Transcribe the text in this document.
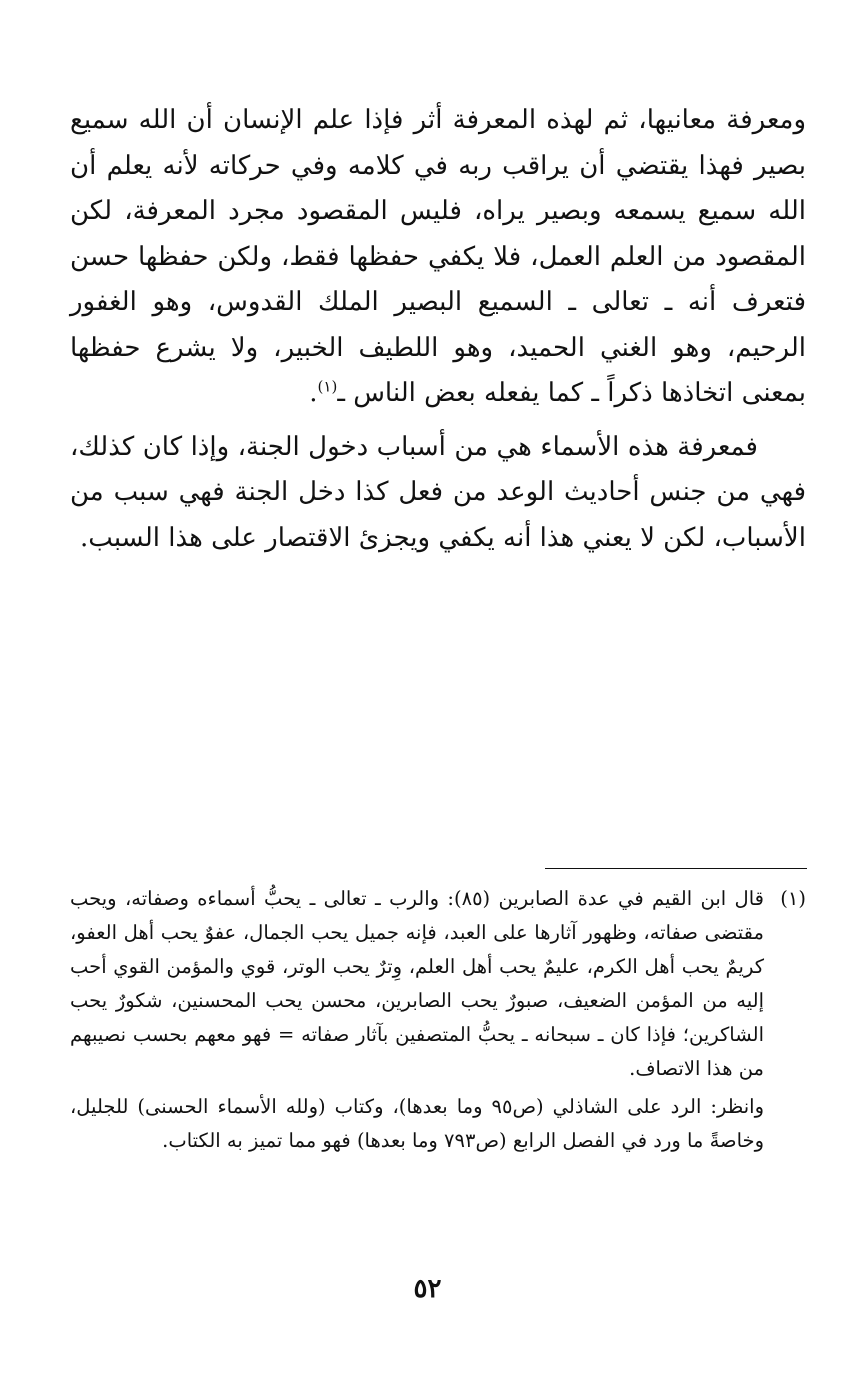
ومعرفة معانيها، ثم لهذه المعرفة أثر فإذا علم الإنسان أن الله سميع بصير فهذا يقتضي أن يراقب ربه في كلامه وفي حركاته لأنه يعلم أن الله سميع يسمعه وبصير يراه، فليس المقصود مجرد المعرفة، لكن المقصود من العلم العمل، فلا يكفي حفظها فقط، ولكن حفظها حسن فتعرف أنه ـ تعالى ـ السميع البصير الملك القدوس، وهو الغفور الرحيم، وهو الغني الحميد، وهو اللطيف الخبير، ولا يشرع حفظها بمعنى اتخاذها ذكراً ـ كما يفعله بعض الناس ـ$^{(١)}$.

فمعرفة هذه الأسماء هي من أسباب دخول الجنة، وإذا كان كذلك، فهي من جنس أحاديث الوعد من فعل كذا دخل الجنة فهي سبب من الأسباب، لكن لا يعني هذا أنه يكفي ويجزئ الاقتصار على هذا السبب.

(١)

قال ابن القيم في عدة الصابرين (٨٥): والرب ـ تعالى ـ يحبُّ أسماءه وصفاته، ويحب مقتضى صفاته، وظهور آثارها على العبد، فإنه جميل يحب الجمال، عفوٌ يحب أهل العفو، كريمٌ يحب أهل الكرم، عليمٌ يحب أهل العلم، وِترٌ يحب الوتر، قوي والمؤمن القوي أحب إليه من المؤمن الضعيف، صبورٌ يحب الصابرين، محسن يحب المحسنين، شكورٌ يحب الشاكرين؛ فإذا كان ـ سبحانه ـ يحبُّ المتصفين بآثار صفاته = فهو معهم بحسب نصيبهم من هذا الاتصاف.

وانظر: الرد على الشاذلي (ص٩٥ وما بعدها)، وكتاب (ولله الأسماء الحسنى) للجليل، وخاصةً ما ورد في الفصل الرابع (ص٧٩٣ وما بعدها) فهو مما تميز به الكتاب.

٥٢
